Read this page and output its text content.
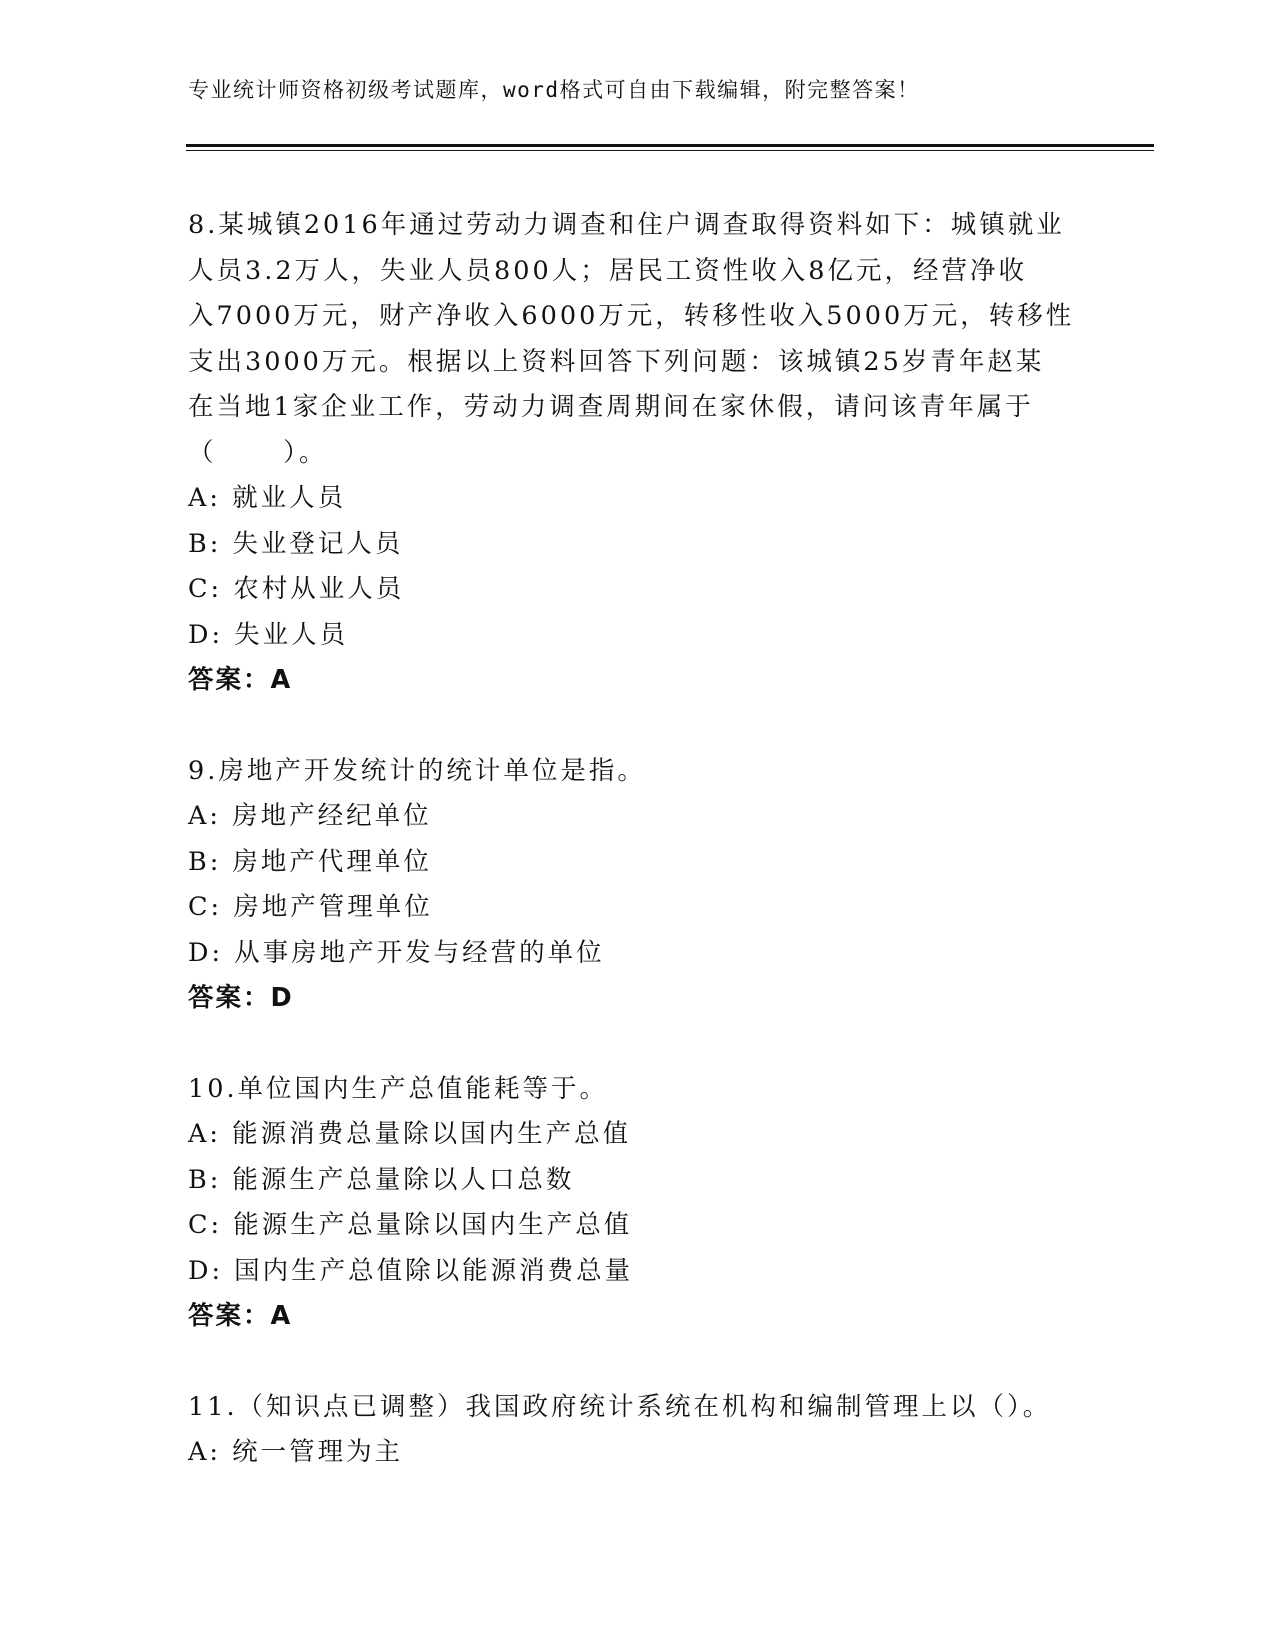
专业统计师资格初级考试题库，word格式可自由下载编辑，附完整答案！

8.某城镇2016年通过劳动力调查和住户调查取得资料如下：城镇就业

人员3.2万人，失业人员800人；居民工资性收入8亿元，经营净收

入7000万元，财产净收入6000万元，转移性收入5000万元，转移性

支出3000万元。根据以上资料回答下列问题：该城镇25岁青年赵某

在当地1家企业工作，劳动力调查周期间在家休假，请问该青年属于

（      ）。

A: 就业人员

B: 失业登记人员

C: 农村从业人员

D: 失业人员

答案：A

9.房地产开发统计的统计单位是指。

A: 房地产经纪单位

B: 房地产代理单位

C: 房地产管理单位

D: 从事房地产开发与经营的单位

答案：D

10.单位国内生产总值能耗等于。

A: 能源消费总量除以国内生产总值

B: 能源生产总量除以人口总数

C: 能源生产总量除以国内生产总值

D: 国内生产总值除以能源消费总量

答案：A

11.（知识点已调整）我国政府统计系统在机构和编制管理上以（）。

A: 统一管理为主
